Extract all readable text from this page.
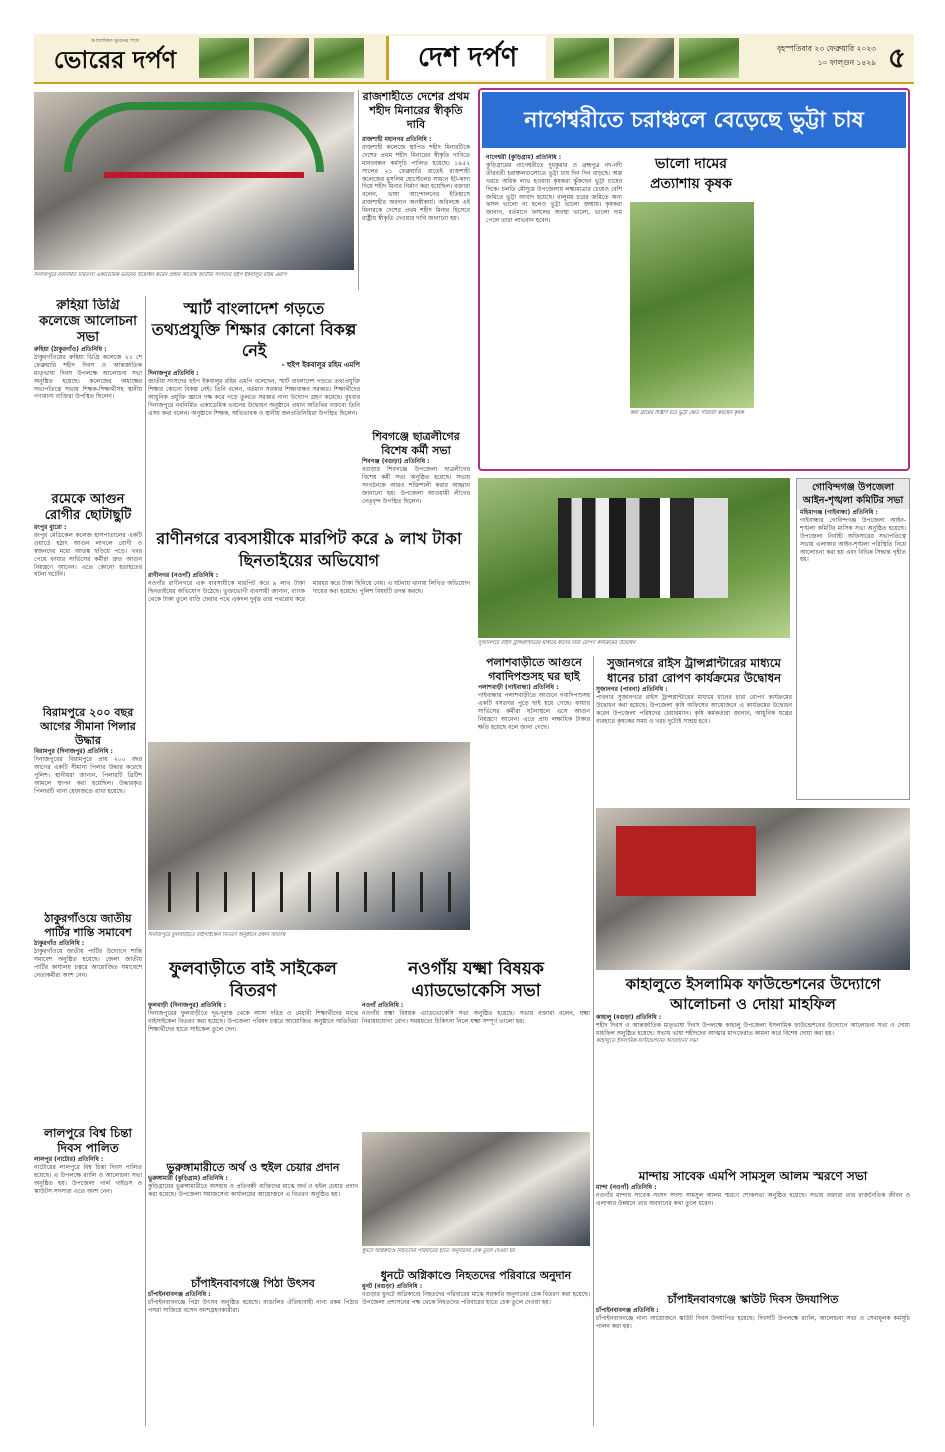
আলোকিত ভুবনের পথে
ভোরের দর্পণ	দেশ দর্পণ	বৃহস্পতিবার ২৩ ফেব্রুয়ারি ২০২৩
১০ ফাল্গুন ১৪২৯ ৫
দিনাজপুরে নবনির্মিত চারতলা একাডেমিক ভবনের উদ্বোধন করেন প্রধান অতিথি জাতীয় সংসদের হুইপ ইকবালুর রহিম এমপি
রাজশাহীতে দেশের প্রথম শহীদ মিনারের স্বীকৃতি দাবি
রাজশাহী মহানগর প্রতিনিধি :

রাজশাহী কলেজে স্থাপিত শহীদ মিনারটিকে দেশের প্রথম শহীদ মিনারের স্বীকৃতি দাবিতে মানববন্ধন কর্মসূচি পালিত হয়েছে। ১৯৫২ সালের ২১ ফেব্রুয়ারি রাতেই রাজশাহী কলেজের মুসলিম হোস্টেলের সামনে ইট-কাদা দিয়ে শহীদ মিনার নির্মাণ করা হয়েছিল। বক্তারা বলেন, ভাষা আন্দোলনের ইতিহাসে রাজশাহীর অবদান অনস্বীকার্য। অবিলম্বে এই মিনারকে দেশের প্রথম শহীদ মিনার হিসেবে রাষ্ট্রীয় স্বীকৃতি দেওয়ার দাবি জানানো হয়।

নাগেশ্বরীতে চরাঞ্চলে বেড়েছে ভুট্টা চাষ
নাগেশ্বরী (কুড়িগ্রাম) প্রতিনিধি :

কুড়িগ্রামের নাগেশ্বরীতে দুধকুমার ও ব্রহ্মপুত্র নদ-নদী তীরবর্তী চরাঞ্চলগুলোতে ভুট্টা চাষ দিন দিন বাড়ছে। অল্প খরচে অধিক লাভ হওয়ায় কৃষকরা ঝুঁকছেন ভুট্টা চাষের দিকে। চলতি মৌসুমে উপজেলায় লক্ষ্যমাত্রার চেয়েও বেশি জমিতে ভুট্টা আবাদ হয়েছে। বালুময় চরের জমিতে অন্য ফসল ভালো না হলেও ভুট্টা ভালো জন্মায়। কৃষকরা জানান, বর্তমানে ফসলের অবস্থা ভালো, ভালো দাম পেলে তারা লাভবান হবেন।

ভালো দামের প্রত্যাশায় কৃষক
কয়া গ্রামের বিস্তীর্ণ চরে ভুট্টা ক্ষেত পরিচর্যা করছেন কৃষক

রুহিয়া ডিগ্রি কলেজে আলোচনা সভা
রুহিয়া (ঠাকুরগাঁও) প্রতিনিধি :

ঠাকুরগাঁওয়ের রুহিয়া ডিগ্রি কলেজে ২১ শে ফেব্রুয়ারি শহীদ দিবস ও আন্তর্জাতিক মাতৃভাষা দিবস উপলক্ষে আলোচনা সভা অনুষ্ঠিত হয়েছে। কলেজের অধ্যক্ষের সভাপতিত্বে সভায় শিক্ষক-শিক্ষার্থীসহ স্থানীয় গণ্যমান্য ব্যক্তিরা উপস্থিত ছিলেন।

স্মার্ট বাংলাদেশ গড়তে তথ্যপ্রযুক্তি শিক্ষার কোনো বিকল্প নেই
- হুইপ ইকবালুর রহিম এমপি
দিনাজপুর প্রতিনিধি :

জাতীয় সংসদের হুইপ ইকবালুর রহিম এমপি বলেছেন, স্মার্ট বাংলাদেশ গড়তে তথ্যপ্রযুক্তি শিক্ষার কোনো বিকল্প নেই। তিনি বলেন, বর্তমান সরকার শিক্ষাবান্ধব সরকার। শিক্ষার্থীদের আধুনিক প্রযুক্তি জ্ঞানে দক্ষ করে গড়ে তুলতে সরকার নানা উদ্যোগ গ্রহণ করেছে। বুধবার দিনাজপুরে নবনির্মিত একাডেমিক ভবনের উদ্বোধন অনুষ্ঠানে প্রধান অতিথির বক্তব্যে তিনি এসব কথা বলেন। অনুষ্ঠানে শিক্ষক, অভিভাবক ও স্থানীয় জনপ্রতিনিধিরা উপস্থিত ছিলেন।

শিবগঞ্জে ছাত্রলীগের বিশেষ কর্মী সভা
শিবগঞ্জ (বগুড়া) প্রতিনিধি :

বগুড়ার শিবগঞ্জে উপজেলা ছাত্রলীগের বিশেষ কর্মী সভা অনুষ্ঠিত হয়েছে। সভায় সংগঠনকে আরও শক্তিশালী করার আহ্বান জানানো হয়। উপজেলা আওয়ামী লীগের নেতৃবৃন্দ উপস্থিত ছিলেন।

রমেকে আগুন রোগীর ছোটাছুটি
রংপুর ব্যুরো :

রংপুর মেডিকেল কলেজ হাসপাতালের একটি ওয়ার্ডে হঠাৎ আগুন লাগলে রোগী ও স্বজনদের মধ্যে আতঙ্ক ছড়িয়ে পড়ে। খবর পেয়ে ফায়ার সার্ভিসের কর্মীরা দ্রুত আগুন নিয়ন্ত্রণে আনেন। এতে কোনো হতাহতের ঘটনা ঘটেনি।

রাণীনগরে ব্যবসায়ীকে মারপিট করে ৯ লাখ টাকা ছিনতাইয়ের অভিযোগ
রাণীনগর (নওগাঁ) প্রতিনিধি :

নওগাঁর রাণীনগরে এক ব্যবসায়ীকে মারপিট করে ৯ লাখ টাকা ছিনতাইয়ের অভিযোগ উঠেছে। ভুক্তভোগী ব্যবসায়ী জানান, ব্যাংক থেকে টাকা তুলে বাড়ি ফেরার পথে একদল দুর্বৃত্ত তার পথরোধ করে মারধর করে টাকা ছিনিয়ে নেয়। এ ঘটনায় থানায় লিখিত অভিযোগ দায়ের করা হয়েছে। পুলিশ বিষয়টি তদন্ত করছে।

সুজানগরে রাইস ট্রান্সপ্লান্টারের মাধ্যমে ধানের চারা রোপণ কার্যক্রমের উদ্বোধন
গোবিন্দগঞ্জ উপজেলা আইন-শৃঙ্খলা কমিটির সভা
মহিমাগঞ্জ (গাইবান্ধা) প্রতিনিধি :

গাইবান্ধার গোবিন্দগঞ্জ উপজেলা আইন-শৃঙ্খলা কমিটির মাসিক সভা অনুষ্ঠিত হয়েছে। উপজেলা নির্বাহী অফিসারের সভাপতিত্বে সভায় এলাকার আইন-শৃঙ্খলা পরিস্থিতি নিয়ে আলোচনা করা হয় এবং বিভিন্ন সিদ্ধান্ত গৃহীত হয়।

পলাশবাড়ীতে আগুনে গবাদিপশুসহ ঘর ছাই
পলাশবাড়ী (গাইবান্ধা) প্রতিনিধি :

গাইবান্ধার পলাশবাড়ীতে আগুনে গবাদিপশুসহ একটি বসতঘর পুড়ে ছাই হয়ে গেছে। ফায়ার সার্ভিসের কর্মীরা ঘটনাস্থলে এসে আগুন নিয়ন্ত্রণে আনেন। এতে প্রায় লক্ষাধিক টাকার ক্ষতি হয়েছে বলে জানা গেছে।

সুজানগরে রাইস ট্রান্সপ্লান্টারের মাধ্যমে ধানের চারা রোপণ কার্যক্রমের উদ্বোধন
সুজানগর (পাবনা) প্রতিনিধি :

পাবনার সুজানগরে রাইস ট্রান্সপ্লান্টারের মাধ্যমে ধানের চারা রোপণ কার্যক্রমের উদ্বোধন করা হয়েছে। উপজেলা কৃষি অফিসের আয়োজনে এ কার্যক্রমের উদ্বোধন করেন উপজেলা পরিষদের চেয়ারম্যান। কৃষি কর্মকর্তারা জানান, আধুনিক যন্ত্রের ব্যবহারে কৃষকের সময় ও খরচ দুটোই সাশ্রয় হবে।

বিরামপুরে ২০০ বছর আগের সীমানা পিলার উদ্ধার
বিরামপুর (দিনাজপুর) প্রতিনিধি :

দিনাজপুরের বিরামপুরে প্রায় ২০০ বছর আগের একটি সীমানা পিলার উদ্ধার করেছে পুলিশ। স্থানীয়রা জানান, পিলারটি ব্রিটিশ আমলে স্থাপন করা হয়েছিল। উদ্ধারকৃত পিলারটি থানা হেফাজতে রাখা হয়েছে।

দিনাজপুরে ফুলবাড়ীতে বাইসাইকেল বিতরণ অনুষ্ঠানে প্রধান অতিথি
ঠাকুরগাঁওয়ে জাতীয় পার্টির শান্তি সমাবেশ
ঠাকুরগাঁও প্রতিনিধি :

ঠাকুরগাঁওয়ে জাতীয় পার্টির উদ্যোগে শান্তি সমাবেশ অনুষ্ঠিত হয়েছে। জেলা জাতীয় পার্টির কার্যালয় চত্বরে আয়োজিত সমাবেশে নেতাকর্মীরা অংশ নেন।	ফুলবাড়ীতে বাই সাইকেল বিতরণ
ফুলবাড়ী (দিনাজপুর) প্রতিনিধি :

দিনাজপুরের ফুলবাড়ীতে দূর-দূরান্ত থেকে আসা দরিদ্র ও মেধাবী শিক্ষার্থীদের মাঝে বাইসাইকেল বিতরণ করা হয়েছে। উপজেলা পরিষদ চত্বরে আয়োজিত অনুষ্ঠানে অতিথিরা শিক্ষার্থীদের হাতে সাইকেল তুলে দেন।

নওগাঁয় যক্ষ্মা বিষয়ক এ্যাডভোকেসি সভা
নওগাঁ প্রতিনিধি :

নওগাঁয় যক্ষ্মা বিষয়ক এ্যাডভোকেসি সভা অনুষ্ঠিত হয়েছে। সভায় বক্তারা বলেন, যক্ষ্মা নিরাময়যোগ্য রোগ। সময়মতো চিকিৎসা নিলে যক্ষ্মা সম্পূর্ণ ভালো হয়।

কাহালুতে ইসলামিক ফাউন্ডেশনের উদ্যোগে আলোচনা ও দোয়া মাহফিল
কাহালু (বগুড়া) প্রতিনিধি :

শহীদ দিবস ও আন্তর্জাতিক মাতৃভাষা দিবস উপলক্ষে কাহালু উপজেলা ইসলামিক ফাউন্ডেশনের উদ্যোগে আলোচনা সভা ও দোয়া মাহফিল অনুষ্ঠিত হয়েছে। সভায় ভাষা শহীদদের আত্মার মাগফেরাত কামনা করে বিশেষ দোয়া করা হয়।

কাহালুতে ইসলামিক ফাউন্ডেশনের আলোচনা সভা
লালপুরে বিশ্ব চিন্তা দিবস পালিত
লালপুর (নাটোর) প্রতিনিধি :

নাটোরের লালপুরে বিশ্ব চিন্তা দিবস পালিত হয়েছে। এ উপলক্ষে র‍্যালি ও আলোচনা সভা অনুষ্ঠিত হয়। উপজেলা গার্ল গাইডস ও স্কাউটস সদস্যরা এতে অংশ নেন।

ধুনটে অগ্নিকাণ্ডে নিহতদের পরিবারের হাতে অনুদানের চেক তুলে দেওয়া হয়
ভুরুঙ্গামারীতে অর্থ ও হুইল চেয়ার প্রদান
ভুরুঙ্গামারী (কুড়িগ্রাম) প্রতিনিধি :

কুড়িগ্রামের ভুরুঙ্গামারীতে অসহায় ও প্রতিবন্ধী ব্যক্তিদের মাঝে অর্থ ও হুইল চেয়ার প্রদান করা হয়েছে। উপজেলা সমাজসেবা কার্যালয়ের আয়োজনে এ বিতরণ অনুষ্ঠিত হয়।

মান্দায় সাবেক এমপি সামসুল আলম স্মরণে সভা
মান্দা (নওগাঁ) প্রতিনিধি :

নওগাঁর মান্দায় সাবেক সংসদ সদস্য সামসুল আলম স্মরণে শোকসভা অনুষ্ঠিত হয়েছে। সভায় বক্তারা তার রাজনৈতিক জীবন ও এলাকার উন্নয়নে তার অবদানের কথা তুলে ধরেন।

চাঁপাইনবাবগঞ্জে পিঠা উৎসব
চাঁপাইনবাবগঞ্জ প্রতিনিধি :

চাঁপাইনবাবগঞ্জে পিঠা উৎসব অনুষ্ঠিত হয়েছে। বাঙালির ঐতিহ্যবাহী নানা রকম পিঠার পসরা সাজিয়ে বসেন অংশগ্রহণকারীরা।

ধুনটে অগ্নিকাণ্ডে নিহতদের পরিবারে অনুদান
ধুনট (বগুড়া) প্রতিনিধি :

বগুড়ার ধুনটে অগ্নিকাণ্ডে নিহতদের পরিবারের মাঝে সরকারি অনুদানের চেক বিতরণ করা হয়েছে। উপজেলা প্রশাসনের পক্ষ থেকে নিহতদের পরিবারের হাতে চেক তুলে দেওয়া হয়।	চাঁপাইনবাবগঞ্জে স্কাউট দিবস উদযাপিত
চাঁপাইনবাবগঞ্জ প্রতিনিধি :

চাঁপাইনবাবগঞ্জে নানা আয়োজনে স্কাউট দিবস উদযাপিত হয়েছে। দিবসটি উপলক্ষে র‍্যালি, আলোচনা সভা ও সেবামূলক কর্মসূচি পালন করা হয়।
